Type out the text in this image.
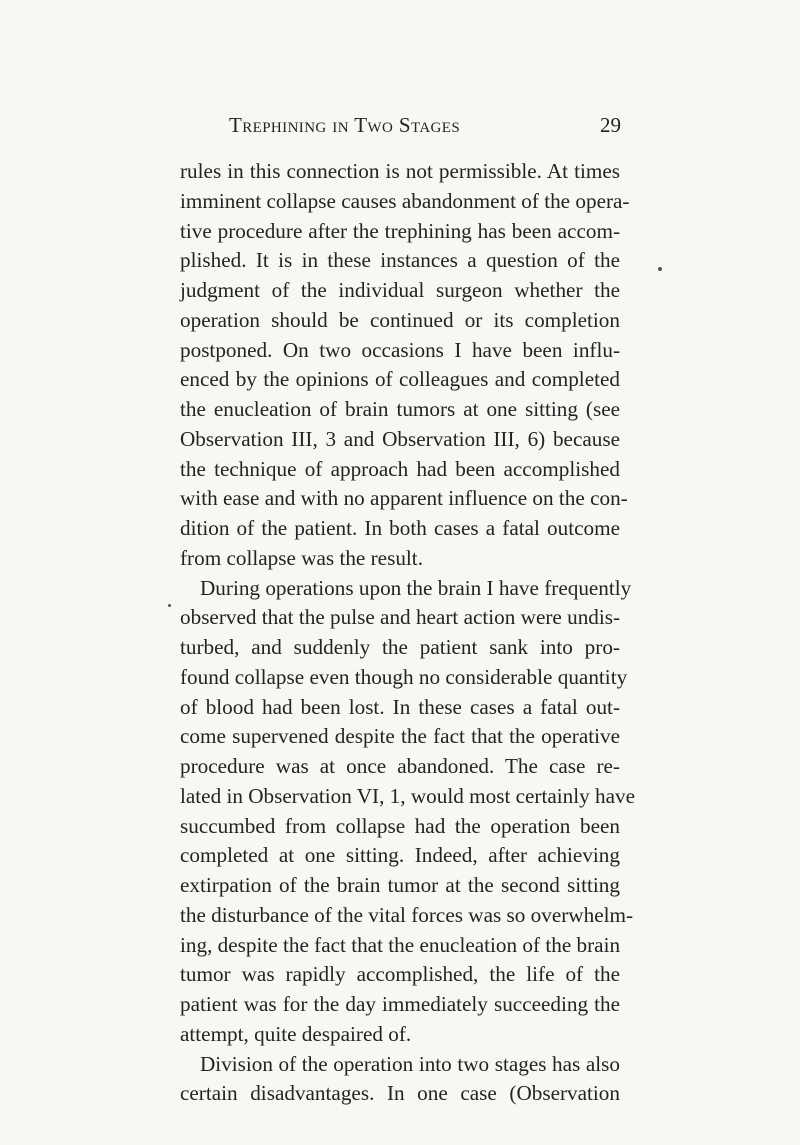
Trephining in Two Stages	29
rules in this connection is not permissible. At times
imminent collapse causes abandonment of the opera-
tive procedure after the trephining has been accom-
plished. It is in these instances a question of the
judgment of the individual surgeon whether the
operation should be continued or its completion
postponed. On two occasions I have been influ-
enced by the opinions of colleagues and completed
the enucleation of brain tumors at one sitting (see
Observation III, 3 and Observation III, 6) because
the technique of approach had been accomplished
with ease and with no apparent influence on the con-
dition of the patient. In both cases a fatal outcome
from collapse was the result.
During operations upon the brain I have frequently
observed that the pulse and heart action were undis-
turbed, and suddenly the patient sank into pro-
found collapse even though no considerable quantity
of blood had been lost. In these cases a fatal out-
come supervened despite the fact that the operative
procedure was at once abandoned. The case re-
lated in Observation VI, 1, would most certainly have
succumbed from collapse had the operation been
completed at one sitting. Indeed, after achieving
extirpation of the brain tumor at the second sitting
the disturbance of the vital forces was so overwhelm-
ing, despite the fact that the enucleation of the brain
tumor was rapidly accomplished, the life of the
patient was for the day immediately succeeding the
attempt, quite despaired of.
Division of the operation into two stages has also
certain disadvantages. In one case (Observation
